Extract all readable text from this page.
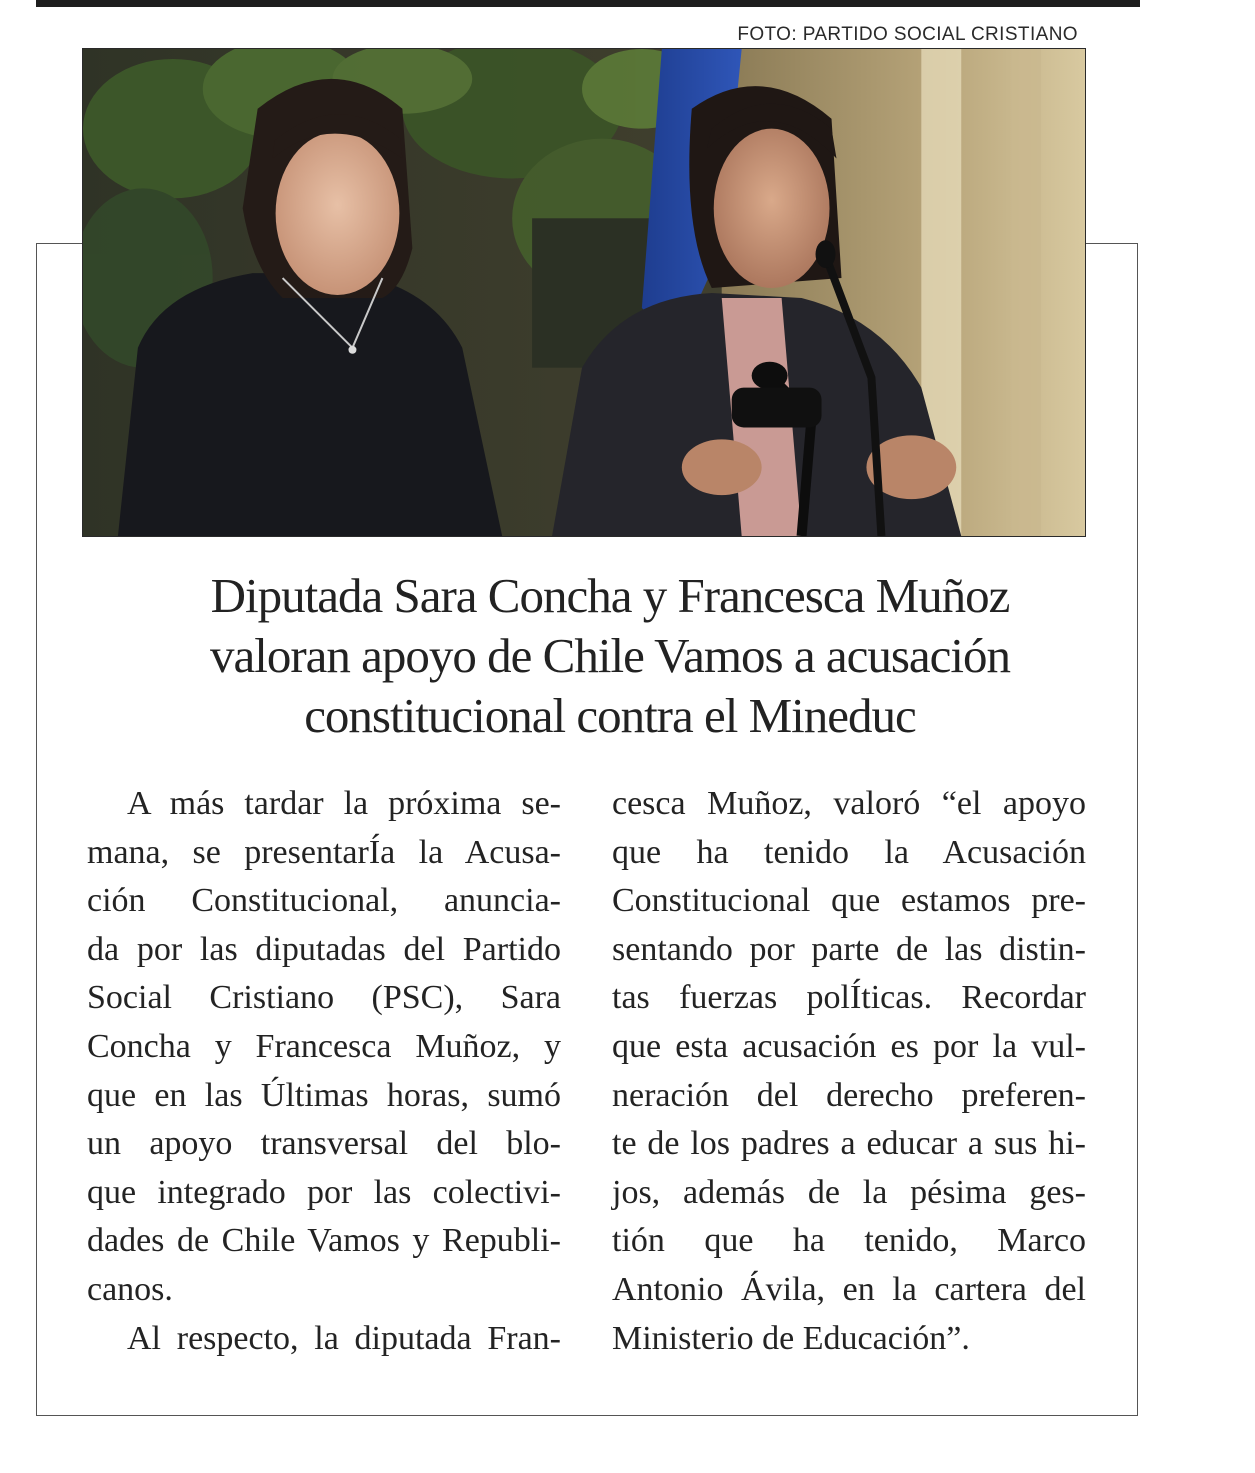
FOTO: PARTIDO SOCIAL CRISTIANO
Diputada Sara Concha y Francesca Muñoz
valoran apoyo de Chile Vamos a acusación
constitucional contra el Mineduc
A más tardar la próxima se-
mana, se presentarÍa la Acusa-
ción Constitucional, anuncia-
da por las diputadas del Partido
Social Cristiano (PSC), Sara
Concha y Francesca Muñoz, y
que en las Últimas horas, sumó
un apoyo transversal del blo-
que integrado por las colectivi-
dades de Chile Vamos y Republi-
canos.
Al respecto, la diputada Fran-
cesca Muñoz, valoró “el apoyo
que ha tenido la Acusación
Constitucional que estamos pre-
sentando por parte de las distin-
tas fuerzas polÍticas. Recordar
que esta acusación es por la vul-
neración del derecho preferen-
te de los padres a educar a sus hi-
jos, además de la pésima ges-
tión que ha tenido, Marco
Antonio Ávila, en la cartera del
Ministerio de Educación”.
